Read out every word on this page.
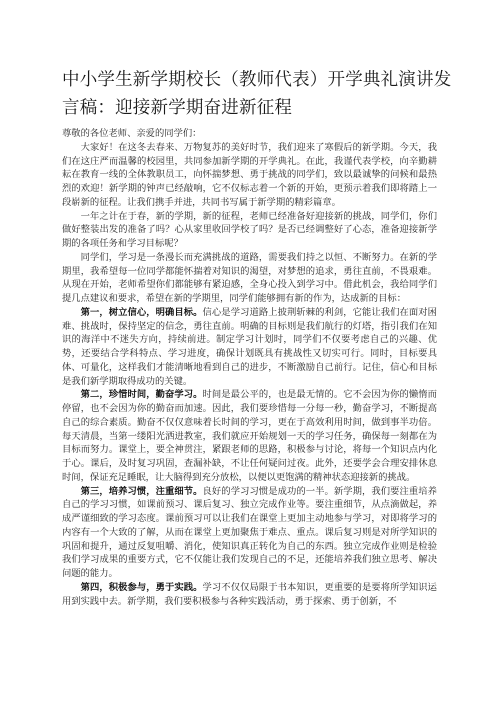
中小学生新学期校长（教师代表）开学典礼演讲发言稿：迎接新学期奋进新征程

尊敬的各位老师、亲爱的同学们：

大家好！在这冬去春来、万物复苏的美好时节，我们迎来了寒假后的新学期。今天，我们在这庄严而温馨的校园里，共同参加新学期的开学典礼。在此，我谨代表学校，向辛勤耕耘在教育一线的全体教职员工，向怀揣梦想、勇于挑战的同学们，致以最诚挚的问候和最热烈的欢迎！新学期的钟声已经敲响，它不仅标志着一个新的开始，更预示着我们即将踏上一段崭新的征程。让我们携手并进，共同书写属于新学期的精彩篇章。

一年之计在于春，新的学期，新的征程，老师已经准备好迎接新的挑战，同学们，你们做好整装出发的准备了吗？心从家里收回学校了吗？是否已经调整好了心态，准备迎接新学期的各项任务和学习目标呢？

同学们，学习是一条漫长而充满挑战的道路，需要我们持之以恒、不断努力。在新的学期里，我希望每一位同学都能怀揣着对知识的渴望，对梦想的追求，勇往直前，不畏艰难。从现在开始，老师希望你们都能够有紧迫感，全身心投入到学习中。借此机会，我给同学们提几点建议和要求，希望在新的学期里，同学们能够拥有新的作为，达成新的目标：

第一，树立信心，明确目标。信心是学习道路上披荆斩棘的利剑，它能让我们在面对困难、挑战时，保持坚定的信念，勇往直前。明确的目标则是我们航行的灯塔，指引我们在知识的海洋中不迷失方向，持续前进。制定学习计划时，同学们不仅要考虑自己的兴趣、优势，还要结合学科特点、学习进度，确保计划既具有挑战性又切实可行。同时，目标要具体、可量化，这样我们才能清晰地看到自己的进步，不断激励自己前行。记住，信心和目标是我们新学期取得成功的关键。

第二，珍惜时间，勤奋学习。时间是最公平的，也是最无情的。它不会因为你的懒惰而停留，也不会因为你的勤奋而加速。因此，我们要珍惜每一分每一秒，勤奋学习，不断提高自己的综合素质。勤奋不仅仅意味着长时间的学习，更在于高效利用时间，做到事半功倍。每天清晨，当第一缕阳光洒进教室，我们就应开始规划一天的学习任务，确保每一刻都在为目标而努力。课堂上，要全神贯注，紧跟老师的思路，积极参与讨论，将每一个知识点内化于心。课后，及时复习巩固，查漏补缺，不让任何疑问过夜。此外，还要学会合理安排休息时间，保证充足睡眠，让大脑得到充分放松，以便以更饱满的精神状态迎接新的挑战。

第三，培养习惯，注重细节。良好的学习习惯是成功的一半。新学期，我们要注重培养自己的学习习惯，如课前预习、课后复习、独立完成作业等。要注重细节，从点滴做起，养成严谨细致的学习态度。课前预习可以让我们在课堂上更加主动地参与学习，对即将学习的内容有一个大致的了解，从而在课堂上更加聚焦于难点、重点。课后复习则是对所学知识的巩固和提升，通过反复咀嚼、消化，使知识真正转化为自己的东西。独立完成作业则是检验我们学习成果的重要方式，它不仅能让我们发现自己的不足，还能培养我们独立思考、解决问题的能力。

第四，积极参与，勇于实践。学习不仅仅局限于书本知识，更重要的是要将所学知识运用到实践中去。新学期，我们要积极参与各种实践活动，勇于探索、勇于创新，不
